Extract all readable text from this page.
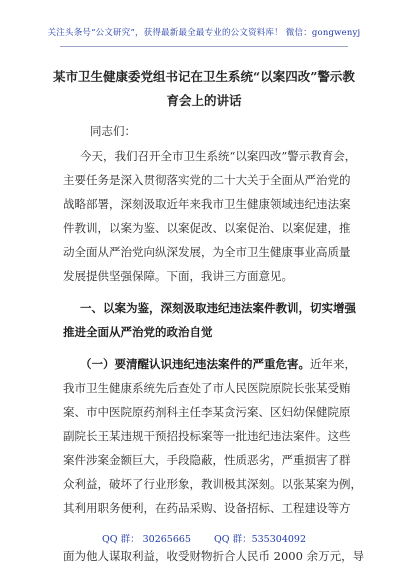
关注头条号“公文研究”，获得最新最全最专业的公文资料库！ 微信：gongwenyj
某市卫生健康委党组书记在卫生系统“以案四改”警示教
育会上的讲话
同志们：
今天，我们召开全市卫生系统“以案四改”警示教育会，
主要任务是深入贯彻落实党的二十大关于全面从严治党的
战略部署，深刻汲取近年来我市卫生健康领域违纪违法案
件教训，以案为鉴、以案促改、以案促治、以案促建，推
动全面从严治党向纵深发展，为全市卫生健康事业高质量
发展提供坚强保障。下面，我讲三方面意见。
一、以案为鉴，深刻汲取违纪违法案件教训，切实增强
推进全面从严治党的政治自觉
（一）要清醒认识违纪违法案件的严重危害。近年来，
我市卫生健康系统先后查处了市人民医院原院长张某受贿
案、市中医院原药剂科主任李某贪污案、区妇幼保健院原
副院长王某违规干预招投标案等一批违纪违法案件。这些
案件涉案金额巨大，手段隐蔽，性质恶劣，严重损害了群
众利益，破坏了行业形象，教训极其深刻。以张某案为例，
其利用职务便利，在药品采购、设备招标、工程建设等方
面为他人谋取利益，收受财物折合人民币 2000 余万元，导
QQ 群： 30265665 QQ 群：535304092
